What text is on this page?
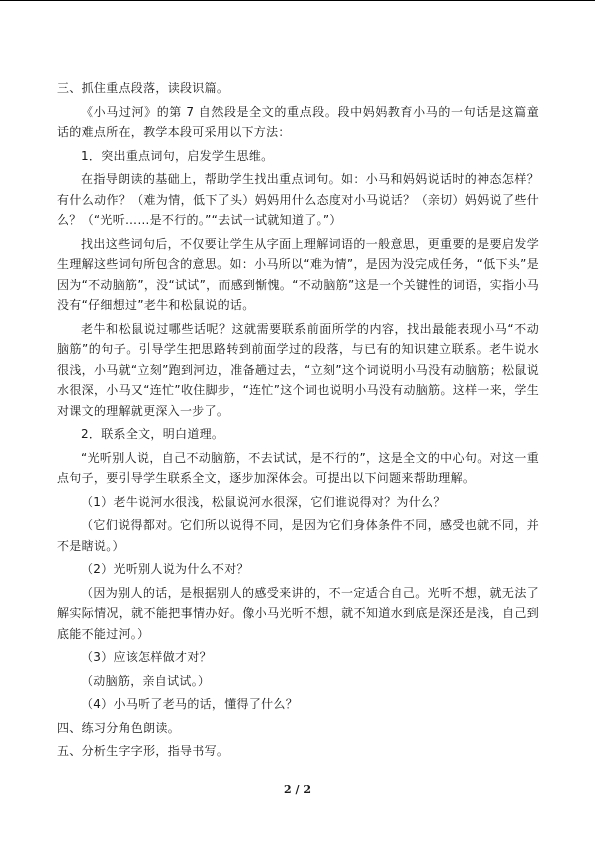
三、抓住重点段落，读段识篇。

《小马过河》的第 7 自然段是全文的重点段。段中妈妈教育小马的一句话是这篇童话的难点所在，教学本段可采用以下方法：

1．突出重点词句，启发学生思维。

在指导朗读的基础上，帮助学生找出重点词句。如：小马和妈妈说话时的神态怎样？有什么动作？（难为情，低下了头）妈妈用什么态度对小马说话？（亲切）妈妈说了些什么？（“光听……是不行的。”“去试一试就知道了。”）

找出这些词句后，不仅要让学生从字面上理解词语的一般意思，更重要的是要启发学生理解这些词句所包含的意思。如：小马所以“难为情”，是因为没完成任务，“低下头”是因为“不动脑筋”，没“试试”，而感到惭愧。“不动脑筋”这是一个关键性的词语，实指小马没有“仔细想过”老牛和松鼠说的话。

老牛和松鼠说过哪些话呢？这就需要联系前面所学的内容，找出最能表现小马“不动脑筋”的句子。引导学生把思路转到前面学过的段落，与已有的知识建立联系。老牛说水很浅，小马就“立刻”跑到河边，准备趟过去，“立刻”这个词说明小马没有动脑筋；松鼠说水很深，小马又“连忙”收住脚步，“连忙”这个词也说明小马没有动脑筋。这样一来，学生对课文的理解就更深入一步了。

2．联系全文，明白道理。

“光听别人说，自己不动脑筋，不去试试，是不行的”，这是全文的中心句。对这一重点句子，要引导学生联系全文，逐步加深体会。可提出以下问题来帮助理解。

（1）老牛说河水很浅，松鼠说河水很深，它们谁说得对？为什么？

（它们说得都对。它们所以说得不同，是因为它们身体条件不同，感受也就不同，并不是瞎说。）

（2）光听别人说为什么不对？

（因为别人的话，是根据别人的感受来讲的，不一定适合自己。光听不想，就无法了解实际情况，就不能把事情办好。像小马光听不想，就不知道水到底是深还是浅，自己到底能不能过河。）

（3）应该怎样做才对？

（动脑筋，亲自试试。）

（4）小马听了老马的话，懂得了什么？

四、练习分角色朗读。

五、分析生字字形，指导书写。

2 / 2
